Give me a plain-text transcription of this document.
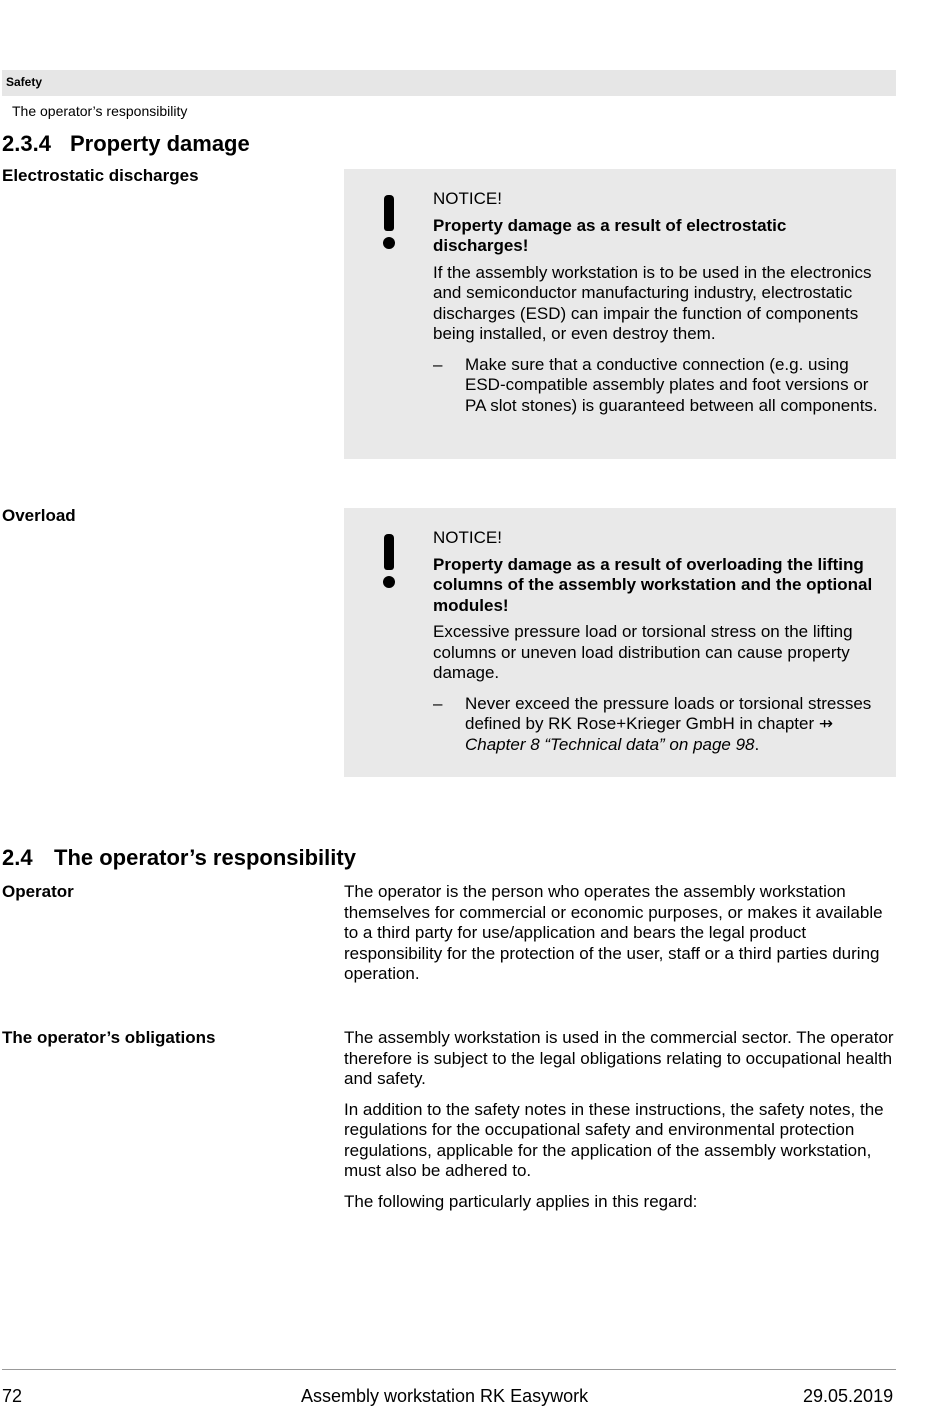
Safety
The operator’s responsibility
2.3.4 Property damage
Electrostatic discharges

NOTICE!

Property damage as a result of electrostatic discharges!

If the assembly workstation is to be used in the electronics and semiconductor manufacturing industry, electrostatic discharges (ESD) can impair the function of components being installed, or even destroy them.

– Make sure that a conductive connection (e.g. using ESD-compatible assembly plates and foot versions or PA slot stones) is guaranteed between all components.
Overload

NOTICE!

Property damage as a result of overloading the lifting columns of the assembly workstation and the optional modules!

Excessive pressure load or torsional stress on the lifting columns or uneven load distribution can cause property damage.

– Never exceed the pressure loads or torsional stresses defined by RK Rose+Krieger GmbH in chapter ⇸ Chapter 8 “Technical data” on page 98.
2.4 The operator’s responsibility
Operator	The operator is the person who operates the assembly workstation themselves for commercial or economic purposes, or makes it available to a third party for use/application and bears the legal product responsibility for the protection of the user, staff or a third parties during operation.

The operator’s obligations	The assembly workstation is used in the commercial sector. The operator therefore is subject to the legal obligations relating to occupational health and safety.

In addition to the safety notes in these instructions, the safety notes, the regulations for the occupational safety and environmental protection regulations, applicable for the application of the assembly workstation, must also be adhered to.

The following particularly applies in this regard:

72	Assembly workstation RK Easywork	29.05.2019
